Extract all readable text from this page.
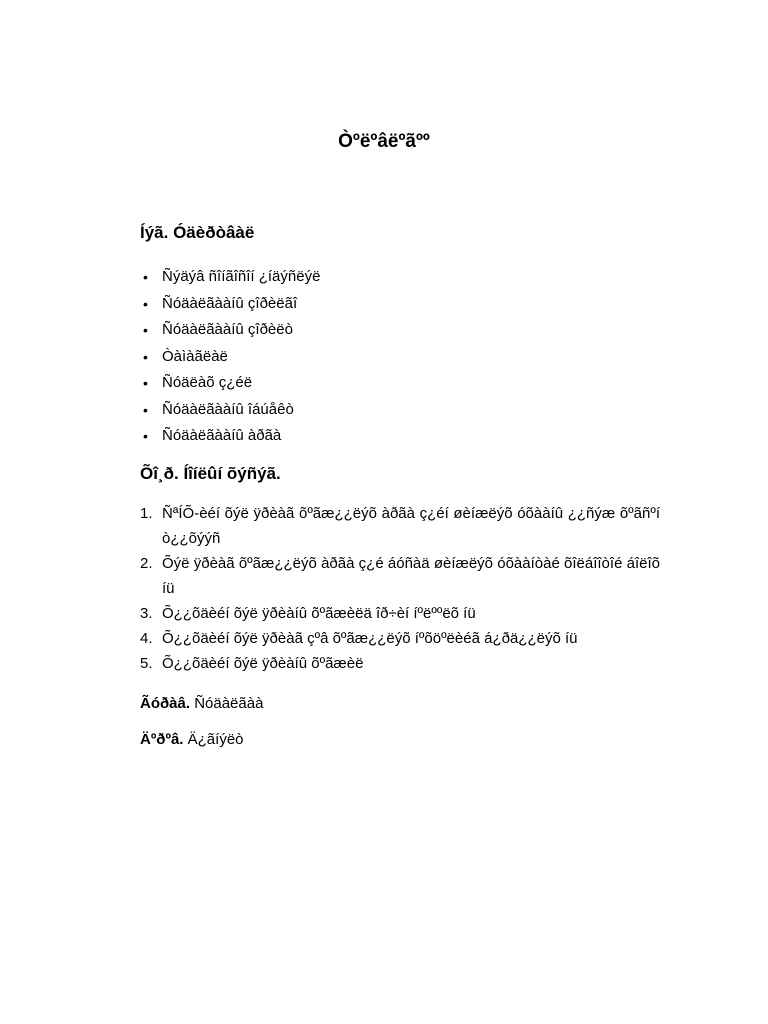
Òºëºâëºãºº
Íýã. Óäèðòâàë
• Ñýäýâ ñîíãîñîí ¿íäýñëýë
• Ñóäàëãààíû çîðèëãî
• Ñóäàëãààíû çîðèëò
• Òàìàãëàë
• Ñóäëàõ ç¿éë
• Ñóäàëãààíû îáúåêò
• Ñóäàëãààíû àðãà
Õî¸ð. Íîíëûí õýñýã.
1. ÑªÍÕ-èéí õýë ÿðèàã õºãæ¿¿ëýõ àðãà ç¿éí øèíæëýõ óõààíû ¿¿ñýæ õºãñºí ò¿¿õýýñ
2. Õýë ÿðèàã õºãæ¿¿ëýõ àðãà ç¿é áóñàä øèíæëýõ óõààíòàé õîëáîîòîé áîëîõ íü
3. Õ¿¿õäèéí õýë ÿðèàíû õºãæèëä îð÷èí íºëººëõ íü
4. Õ¿¿õäèéí õýë ÿðèàã çºâ õºãæ¿¿ëýõ íºõöºëèéã á¿ðä¿¿ëýõ íü
5. Õ¿¿õäèéí õýë ÿðèàíû õºãæèë

Ãóðàâ. Ñóäàëãàà

Äºðºâ. Ä¿ãíýëò
